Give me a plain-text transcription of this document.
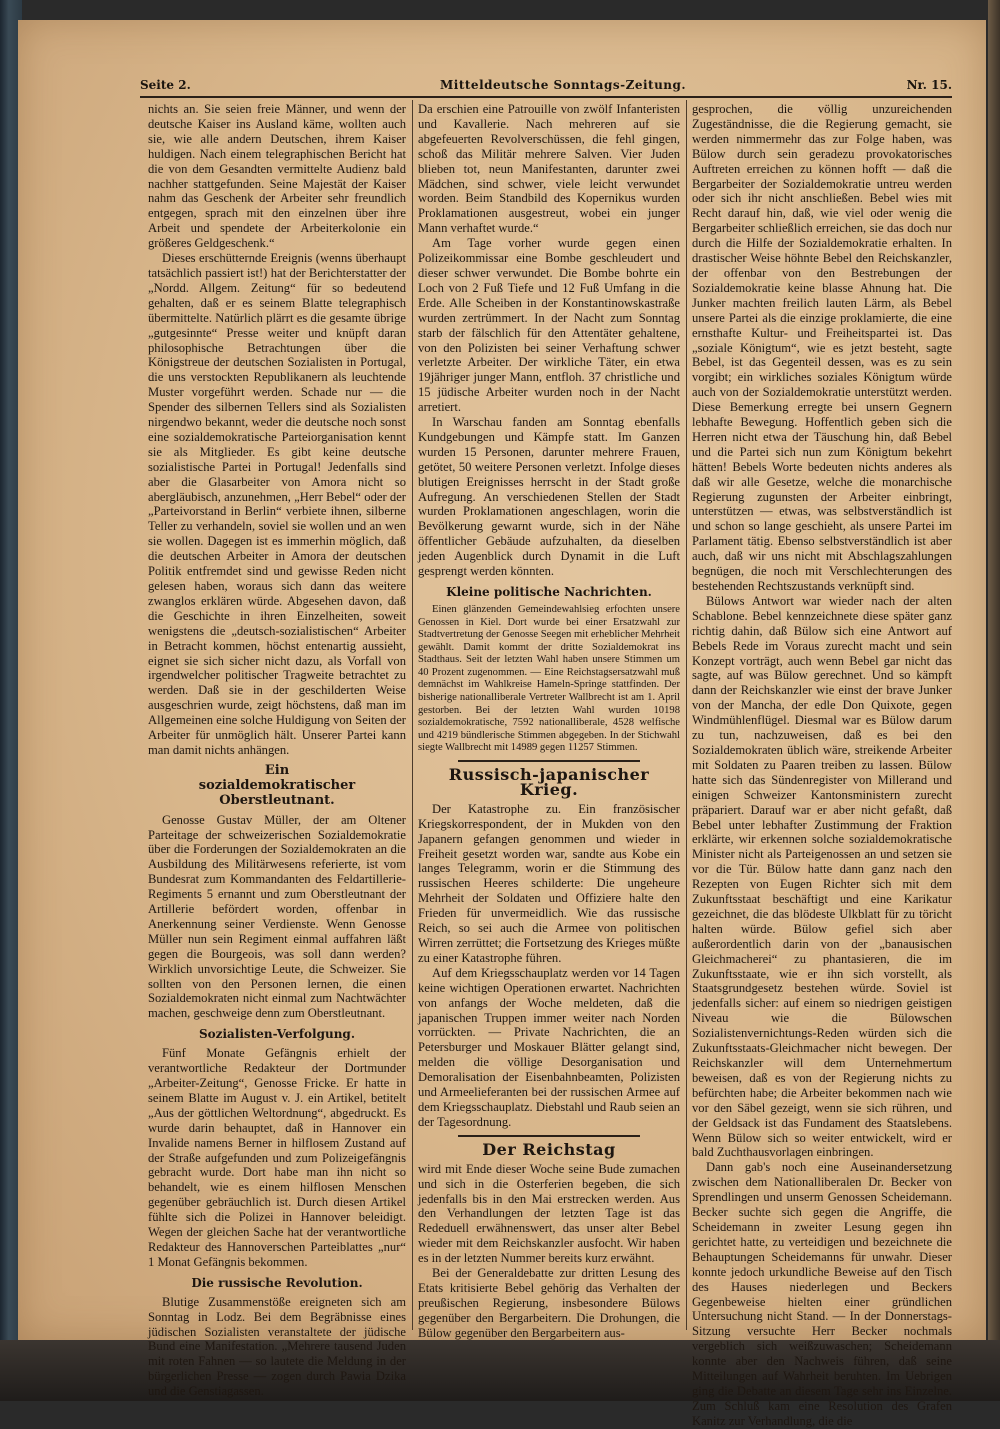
Seite 2.	Mitteldeutsche Sonntags-Zeitung.	Nr. 15.

nichts an. Sie seien freie Männer, und wenn der deutsche Kaiser ins Ausland käme, wollten auch sie, wie alle andern Deutschen, ihrem Kaiser huldigen. Nach einem telegraphischen Bericht hat die von dem Gesandten vermittelte Audienz bald nachher stattgefunden. Seine Majestät der Kaiser nahm das Geschenk der Arbeiter sehr freundlich entgegen, sprach mit den einzelnen über ihre Arbeit und spendete der Arbeiterkolonie ein größeres Geldgeschenk.“

Dieses erschütternde Ereignis (wenns überhaupt tatsächlich passiert ist!) hat der Berichterstatter der „Nordd. Allgem. Zeitung“ für so bedeutend gehalten, daß er es seinem Blatte telegraphisch übermittelte. Natürlich plärrt es die gesamte übrige „gutgesinnte“ Presse weiter und knüpft daran philosophische Betrachtungen über die Königstreue der deutschen Sozialisten in Portugal, die uns verstockten Republikanern als leuchtende Muster vorgeführt werden. Schade nur — die Spender des silbernen Tellers sind als Sozialisten nirgendwo bekannt, weder die deutsche noch sonst eine sozialdemokratische Parteiorganisation kennt sie als Mitglieder. Es gibt keine deutsche sozialistische Partei in Portugal! Jedenfalls sind aber die Glasarbeiter von Amora nicht so abergläubisch, anzunehmen, „Herr Bebel“ oder der „Parteivorstand in Berlin“ verbiete ihnen, silberne Teller zu verhandeln, soviel sie wollen und an wen sie wollen. Dagegen ist es immerhin möglich, daß die deutschen Arbeiter in Amora der deutschen Politik entfremdet sind und gewisse Reden nicht gelesen haben, woraus sich dann das weitere zwanglos erklären würde. Abgesehen davon, daß die Geschichte in ihren Einzelheiten, soweit wenigstens die „deutsch-sozialistischen“ Arbeiter in Betracht kommen, höchst entenartig aussieht, eignet sie sich sicher nicht dazu, als Vorfall von irgendwelcher politischer Tragweite betrachtet zu werden. Daß sie in der geschilderten Weise ausgeschrien wurde, zeigt höchstens, daß man im Allgemeinen eine solche Huldigung von Seiten der Arbeiter für unmöglich hält. Unserer Partei kann man damit nichts anhängen.

Ein
sozialdemokratischer Oberstleutnant.

Genosse Gustav Müller, der am Oltener Parteitage der schweizerischen Sozialdemokratie über die Forderungen der Sozialdemokraten an die Ausbildung des Militärwesens referierte, ist vom Bundesrat zum Kommandanten des Feldartillerie-Regiments 5 ernannt und zum Oberstleutnant der Artillerie befördert worden, offenbar in Anerkennung seiner Verdienste. Wenn Genosse Müller nun sein Regiment einmal auffahren läßt gegen die Bourgeois, was soll dann werden? Wirklich unvorsichtige Leute, die Schweizer. Sie sollten von den Personen lernen, die einen Sozialdemokraten nicht einmal zum Nachtwächter machen, geschweige denn zum Oberstleutnant.

Sozialisten-Verfolgung.

Fünf Monate Gefängnis erhielt der verantwortliche Redakteur der Dortmunder „Arbeiter-Zeitung“, Genosse Fricke. Er hatte in seinem Blatte im August v. J. ein Artikel, betitelt „Aus der göttlichen Weltordnung“, abgedruckt. Es wurde darin behauptet, daß in Hannover ein Invalide namens Berner in hilflosem Zustand auf der Straße aufgefunden und zum Polizeigefängnis gebracht wurde. Dort habe man ihn nicht so behandelt, wie es einem hilflosen Menschen gegenüber gebräuchlich ist. Durch diesen Artikel fühlte sich die Polizei in Hannover beleidigt. Wegen der gleichen Sache hat der verantwortliche Redakteur des Hannoverschen Parteiblattes „nur“ 1 Monat Gefängnis bekommen.

Die russische Revolution.

Blutige Zusammenstöße ereigneten sich am Sonntag in Lodz. Bei dem Begräbnisse eines jüdischen Sozialisten veranstaltete der jüdische Bund eine Manifestation. „Mehrere tausend Juden mit roten Fahnen — so lautete die Meldung in der bürgerlichen Presse — zogen durch Pawia Dzika und die Genstiagassen.

Da erschien eine Patrouille von zwölf Infanteristen und Kavallerie. Nach mehreren auf sie abgefeuerten Revolverschüssen, die fehl gingen, schoß das Militär mehrere Salven. Vier Juden blieben tot, neun Manifestanten, darunter zwei Mädchen, sind schwer, viele leicht verwundet worden. Beim Standbild des Kopernikus wurden Proklamationen ausgestreut, wobei ein junger Mann verhaftet wurde.“

Am Tage vorher wurde gegen einen Polizeikommissar eine Bombe geschleudert und dieser schwer verwundet. Die Bombe bohrte ein Loch von 2 Fuß Tiefe und 12 Fuß Umfang in die Erde. Alle Scheiben in der Konstantinowskastraße wurden zertrümmert. In der Nacht zum Sonntag starb der fälschlich für den Attentäter gehaltene, von den Polizisten bei seiner Verhaftung schwer verletzte Arbeiter. Der wirkliche Täter, ein etwa 19jähriger junger Mann, entfloh. 37 christliche und 15 jüdische Arbeiter wurden noch in der Nacht arretiert.

In Warschau fanden am Sonntag ebenfalls Kundgebungen und Kämpfe statt. Im Ganzen wurden 15 Personen, darunter mehrere Frauen, getötet, 50 weitere Personen verletzt. Infolge dieses blutigen Ereignisses herrscht in der Stadt große Aufregung. An verschiedenen Stellen der Stadt wurden Proklamationen angeschlagen, worin die Bevölkerung gewarnt wurde, sich in der Nähe öffentlicher Gebäude aufzuhalten, da dieselben jeden Augenblick durch Dynamit in die Luft gesprengt werden könnten.

Kleine politische Nachrichten.

Einen glänzenden Gemeindewahlsieg erfochten unsere Genossen in Kiel. Dort wurde bei einer Ersatzwahl zur Stadtvertretung der Genosse Seegen mit erheblicher Mehrheit gewählt. Damit kommt der dritte Sozialdemokrat ins Stadthaus. Seit der letzten Wahl haben unsere Stimmen um 40 Prozent zugenommen. — Eine Reichstagsersatzwahl muß demnächst im Wahlkreise Hameln-Springe stattfinden. Der bisherige nationalliberale Vertreter Wallbrecht ist am 1. April gestorben. Bei der letzten Wahl wurden 10198 sozialdemokratische, 7592 nationalliberale, 4528 welfische und 4219 bündlerische Stimmen abgegeben. In der Stichwahl siegte Wallbrecht mit 14989 gegen 11257 Stimmen.

Russisch-japanischer Krieg.

Der Katastrophe zu. Ein französischer Kriegskorrespondent, der in Mukden von den Japanern gefangen genommen und wieder in Freiheit gesetzt worden war, sandte aus Kobe ein langes Telegramm, worin er die Stimmung des russischen Heeres schilderte: Die ungeheure Mehrheit der Soldaten und Offiziere halte den Frieden für unvermeidlich. Wie das russische Reich, so sei auch die Armee von politischen Wirren zerrüttet; die Fortsetzung des Krieges müßte zu einer Katastrophe führen.

Auf dem Kriegsschauplatz werden vor 14 Tagen keine wichtigen Operationen erwartet. Nachrichten von anfangs der Woche meldeten, daß die japanischen Truppen immer weiter nach Norden vorrückten. — Private Nachrichten, die an Petersburger und Moskauer Blätter gelangt sind, melden die völlige Desorganisation und Demoralisation der Eisenbahnbeamten, Polizisten und Armeelieferanten bei der russischen Armee auf dem Kriegsschauplatz. Diebstahl und Raub seien an der Tagesordnung.

Der Reichstag

wird mit Ende dieser Woche seine Bude zumachen und sich in die Osterferien begeben, die sich jedenfalls bis in den Mai erstrecken werden. Aus den Verhandlungen der letzten Tage ist das Rededuell erwähnenswert, das unser alter Bebel wieder mit dem Reichskanzler ausfocht. Wir haben es in der letzten Nummer bereits kurz erwähnt.

Bei der Generaldebatte zur dritten Lesung des Etats kritisierte Bebel gehörig das Verhalten der preußischen Regierung, insbesondere Bülows gegenüber den Bergarbeitern. Die Drohungen, die Bülow gegenüber den Bergarbeitern aus-

gesprochen, die völlig unzureichenden Zugeständnisse, die die Regierung gemacht, sie werden nimmermehr das zur Folge haben, was Bülow durch sein geradezu provokatorisches Auftreten erreichen zu können hofft — daß die Bergarbeiter der Sozialdemokratie untreu werden oder sich ihr nicht anschließen. Bebel wies mit Recht darauf hin, daß, wie viel oder wenig die Bergarbeiter schließlich erreichen, sie das doch nur durch die Hilfe der Sozialdemokratie erhalten. In drastischer Weise höhnte Bebel den Reichskanzler, der offenbar von den Bestrebungen der Sozialdemokratie keine blasse Ahnung hat. Die Junker machten freilich lauten Lärm, als Bebel unsere Partei als die einzige proklamierte, die eine ernsthafte Kultur- und Freiheitspartei ist. Das „soziale Königtum“, wie es jetzt besteht, sagte Bebel, ist das Gegenteil dessen, was es zu sein vorgibt; ein wirkliches soziales Königtum würde auch von der Sozialdemokratie unterstützt werden. Diese Bemerkung erregte bei unsern Gegnern lebhafte Bewegung. Hoffentlich geben sich die Herren nicht etwa der Täuschung hin, daß Bebel und die Partei sich nun zum Königtum bekehrt hätten! Bebels Worte bedeuten nichts anderes als daß wir alle Gesetze, welche die monarchische Regierung zugunsten der Arbeiter einbringt, unterstützen — etwas, was selbstverständlich ist und schon so lange geschieht, als unsere Partei im Parlament tätig. Ebenso selbstverständlich ist aber auch, daß wir uns nicht mit Abschlagszahlungen begnügen, die noch mit Verschlechterungen des bestehenden Rechtszustands verknüpft sind.

Bülows Antwort war wieder nach der alten Schablone. Bebel kennzeichnete diese später ganz richtig dahin, daß Bülow sich eine Antwort auf Bebels Rede im Voraus zurecht macht und sein Konzept vorträgt, auch wenn Bebel gar nicht das sagte, auf was Bülow gerechnet. Und so kämpft dann der Reichskanzler wie einst der brave Junker von der Mancha, der edle Don Quixote, gegen Windmühlenflügel. Diesmal war es Bülow darum zu tun, nachzuweisen, daß es bei den Sozialdemokraten üblich wäre, streikende Arbeiter mit Soldaten zu Paaren treiben zu lassen. Bülow hatte sich das Sündenregister von Millerand und einigen Schweizer Kantonsministern zurecht präpariert. Darauf war er aber nicht gefaßt, daß Bebel unter lebhafter Zustimmung der Fraktion erklärte, wir erkennen solche sozialdemokratische Minister nicht als Parteigenossen an und setzen sie vor die Tür. Bülow hatte dann ganz nach den Rezepten von Eugen Richter sich mit dem Zukunftsstaat beschäftigt und eine Karikatur gezeichnet, die das blödeste Ulkblatt für zu töricht halten würde. Bülow gefiel sich aber außerordentlich darin von der „banausischen Gleichmacherei“ zu phantasieren, die im Zukunftsstaate, wie er ihn sich vorstellt, als Staatsgrundgesetz bestehen würde. Soviel ist jedenfalls sicher: auf einem so niedrigen geistigen Niveau wie die Bülowschen Sozialistenvernichtungs-Reden würden sich die Zukunftsstaats-Gleichmacher nicht bewegen. Der Reichskanzler will dem Unternehmertum beweisen, daß es von der Regierung nichts zu befürchten habe; die Arbeiter bekommen nach wie vor den Säbel gezeigt, wenn sie sich rühren, und der Geldsack ist das Fundament des Staatslebens. Wenn Bülow sich so weiter entwickelt, wird er bald Zuchthausvorlagen einbringen.

Dann gab's noch eine Auseinandersetzung zwischen dem Nationalliberalen Dr. Becker von Sprendlingen und unserm Genossen Scheidemann. Becker suchte sich gegen die Angriffe, die Scheidemann in zweiter Lesung gegen ihn gerichtet hatte, zu verteidigen und bezeichnete die Behauptungen Scheidemanns für unwahr. Dieser konnte jedoch urkundliche Beweise auf den Tisch des Hauses niederlegen und Beckers Gegenbeweise hielten einer gründlichen Untersuchung nicht Stand. — In der Donnerstags-Sitzung versuchte Herr Becker nochmals vergeblich sich weißzuwaschen; Scheidemann konnte aber den Nachweis führen, daß seine Mitteilungen auf Wahrheit beruhten. Im Uebrigen ging die Debatte an diesem Tage sehr ins Einzelne. Zum Schluß kam eine Resolution des Grafen Kanitz zur Verhandlung, die die
